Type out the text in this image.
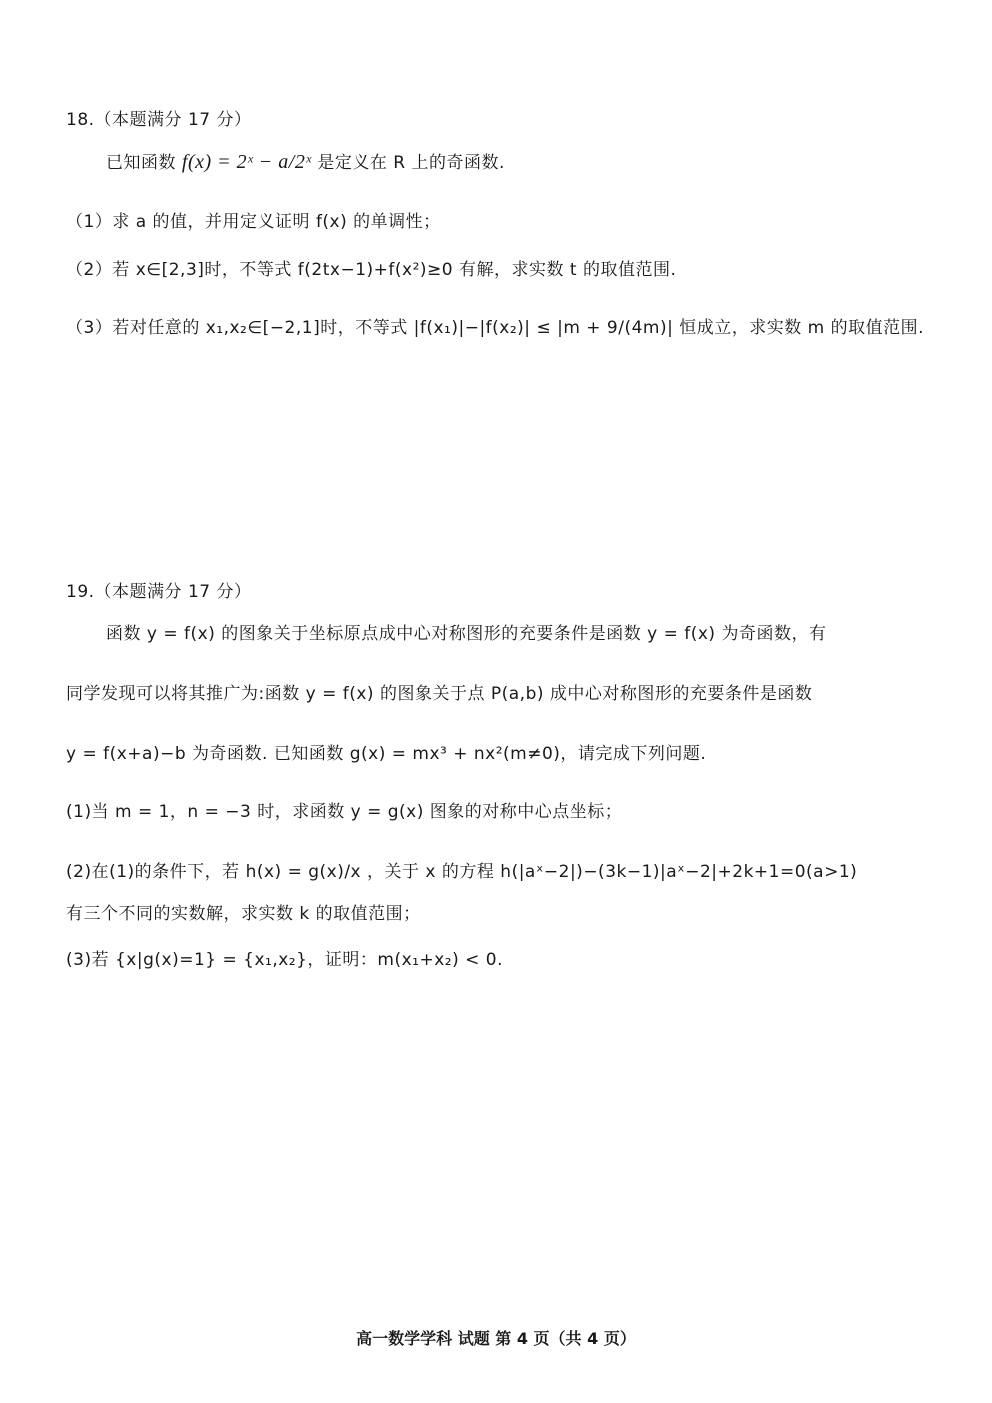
18.（本题满分 17 分）
已知函数 f(x) = 2ˣ − a/2ˣ 是定义在 R 上的奇函数.
（1）求 a 的值，并用定义证明 f(x) 的单调性；
（2）若 x∈[2,3]时，不等式 f(2tx−1)+f(x²)≥0 有解，求实数 t 的取值范围.
（3）若对任意的 x₁,x₂∈[−2,1]时，不等式 |f(x₁)|−|f(x₂)| ≤ |m + 9/(4m)| 恒成立，求实数 m 的取值范围.
19.（本题满分 17 分）
函数 y = f(x) 的图象关于坐标原点成中心对称图形的充要条件是函数 y = f(x) 为奇函数，有
同学发现可以将其推广为:函数 y = f(x) 的图象关于点 P(a,b) 成中心对称图形的充要条件是函数
y = f(x+a)−b 为奇函数. 已知函数 g(x) = mx³ + nx²(m≠0)，请完成下列问题.
(1)当 m = 1，n = −3 时，求函数 y = g(x) 图象的对称中心点坐标；
(2)在(1)的条件下，若 h(x) = g(x)/x ，关于 x 的方程 h(|aˣ−2|)−(3k−1)|aˣ−2|+2k+1=0(a>1)
有三个不同的实数解，求实数 k 的取值范围；
(3)若 {x|g(x)=1} = {x₁,x₂}，证明：m(x₁+x₂) < 0.
高一数学学科 试题 第 4 页（共 4 页）
